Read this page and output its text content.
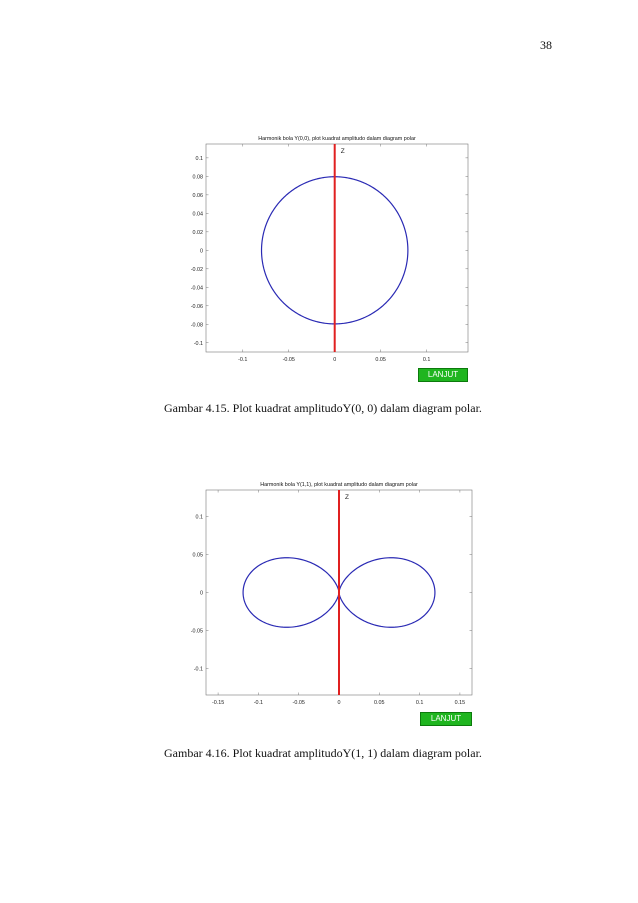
38
Harmonik bola Y(0,0), plot kuadrat amplitudo dalam diagram polar
0.1
0.08
0.06
0.04
0.02
0
-0.02
-0.04
-0.06
-0.08
-0.1
-0.1	-0.05	0	0.05	0.1
Z
LANJUT
Gambar 4.15. Plot kuadrat amplitudoY(0, 0) dalam diagram polar.
Harmonik bola Y(1,1), plot kuadrat amplitudo dalam diagram polar
0.1
0.05
0
-0.05
-0.1
-0.15	-0.1	-0.05	0	0.05	0.1	0.15
Z
LANJUT
Gambar 4.16. Plot kuadrat amplitudoY(1, 1) dalam diagram polar.
